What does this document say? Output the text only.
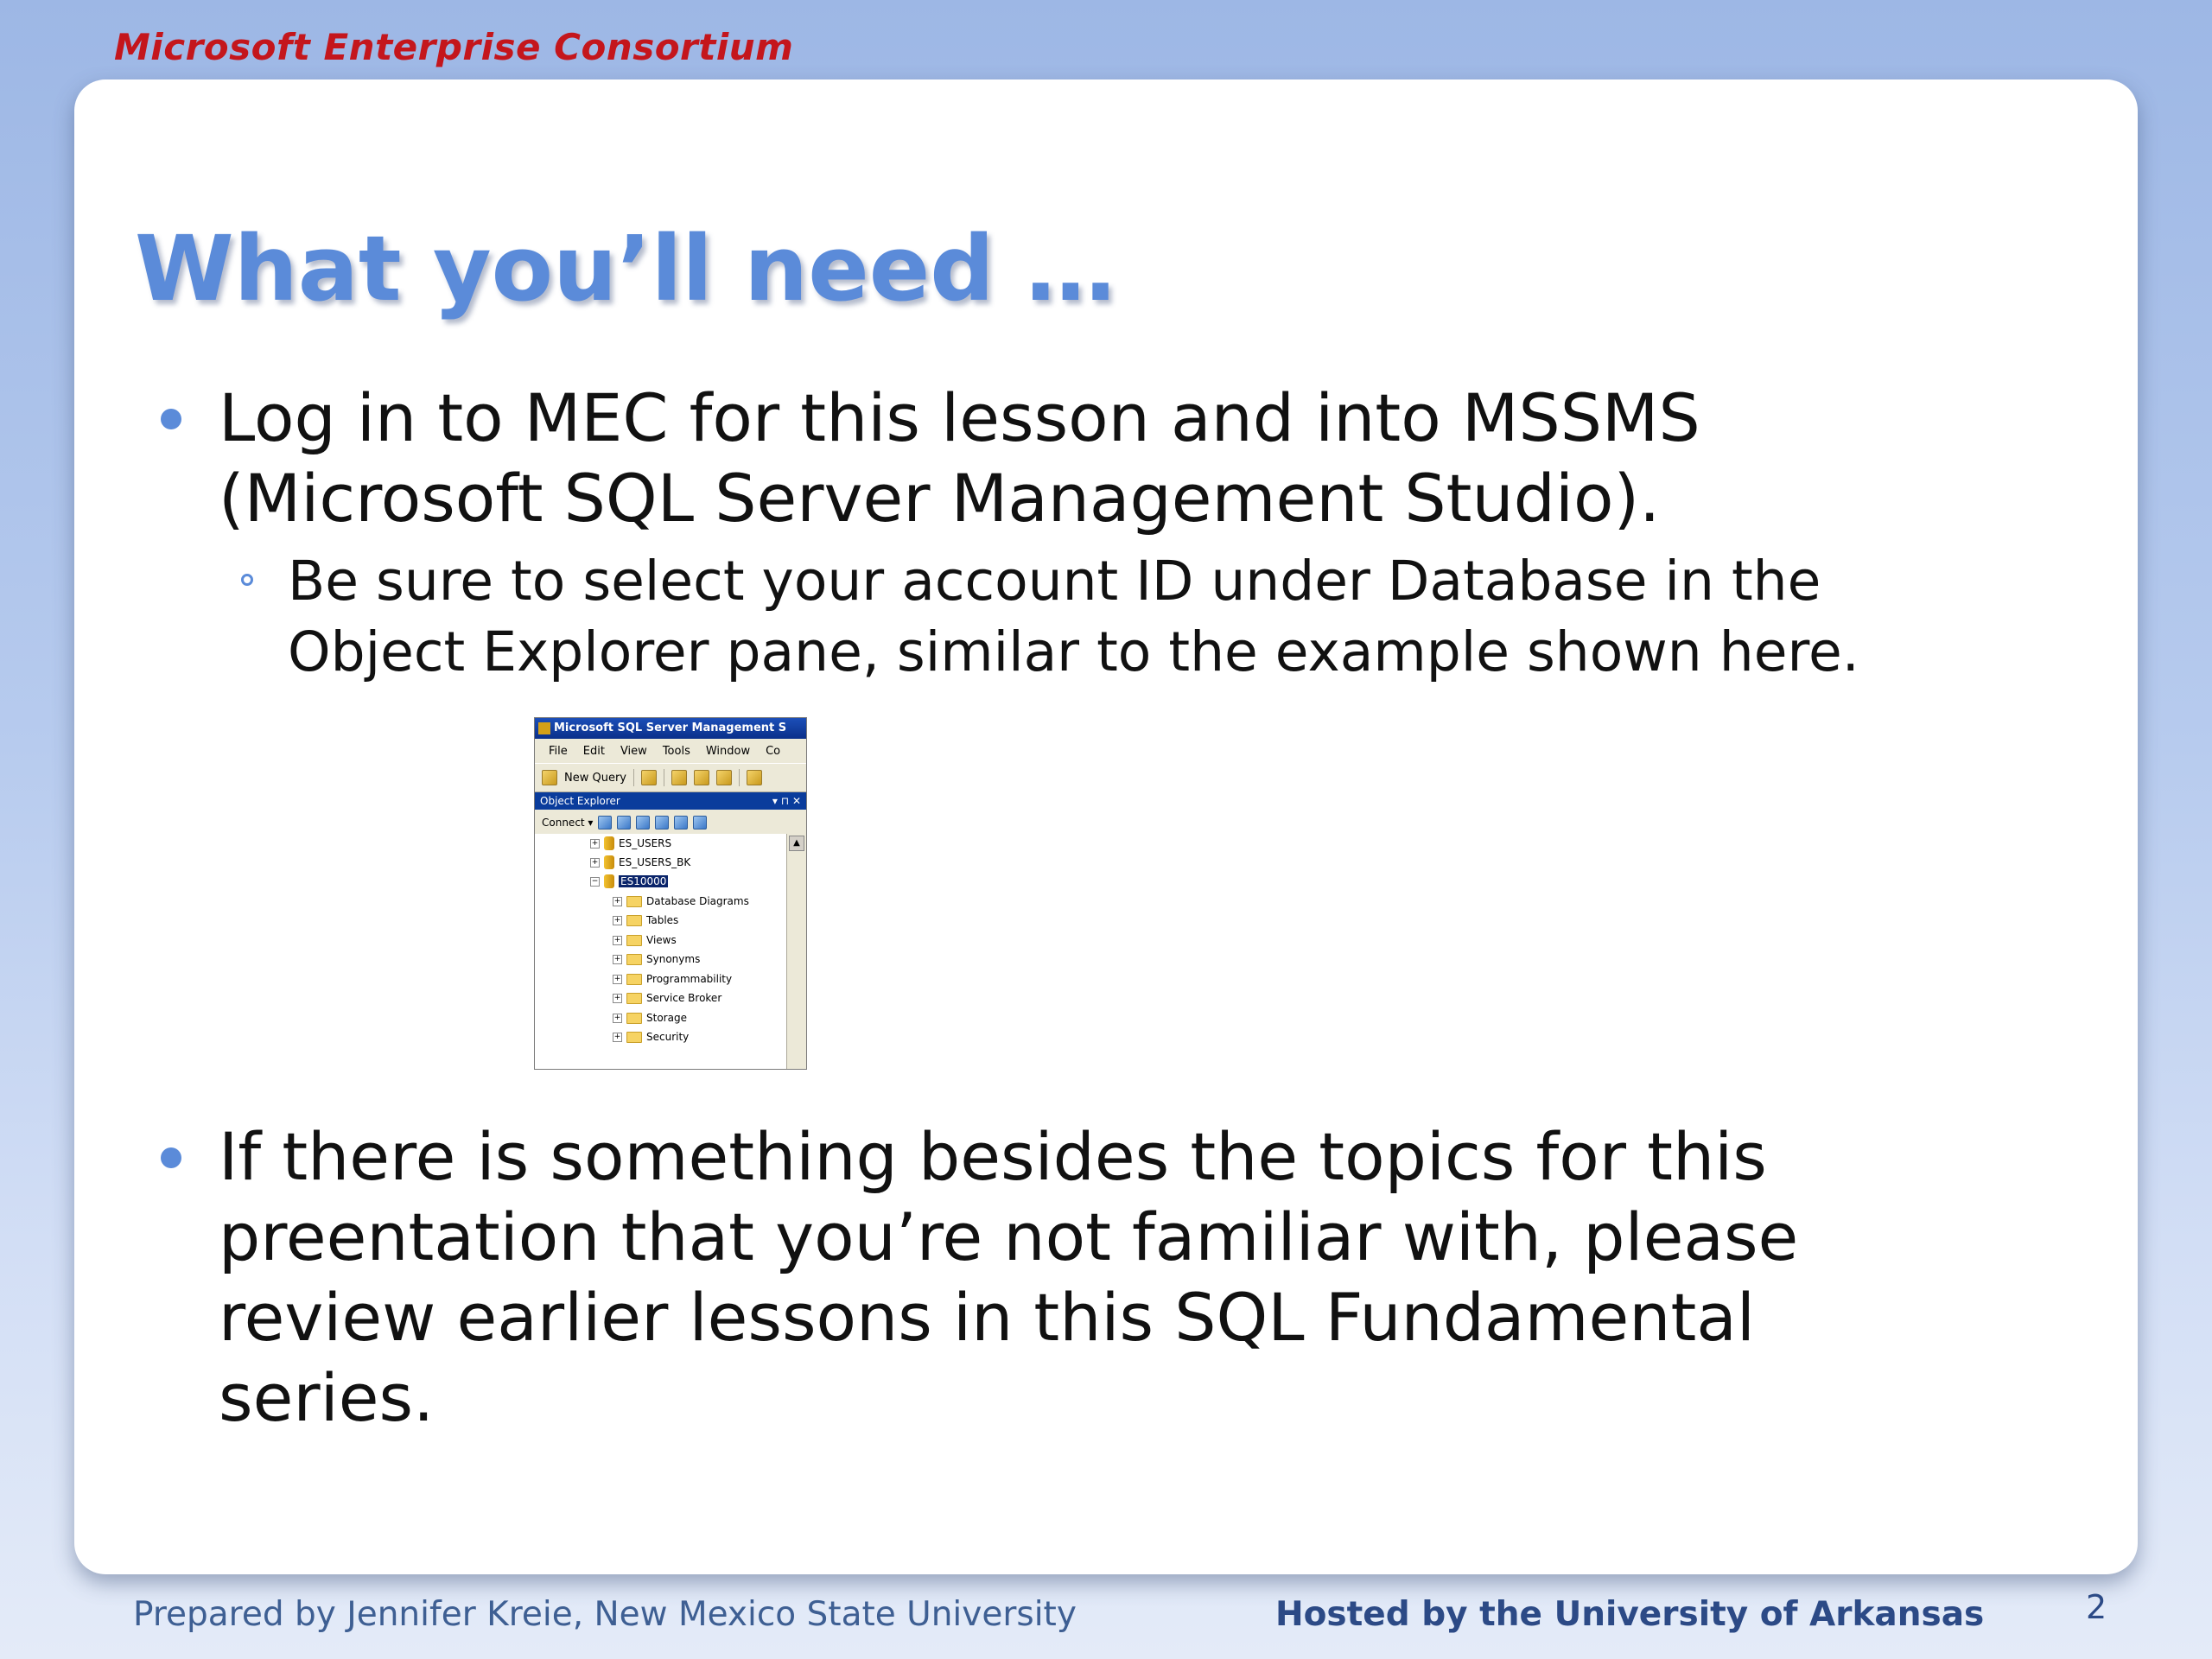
Microsoft Enterprise Consortium
What you’ll need …
Log in to MEC for this lesson and into MSSMS
(Microsoft SQL Server Management Studio).
Be sure to select your account ID under Database in the
Object Explorer pane, similar to the example shown here.
Microsoft SQL Server Management S
File Edit View Tools Window Co
New Query
Object Explorer	▾ ⊓ ✕
Connect ▾
+ ES_USERS
+ ES_USERS_BK
− ES10000
+ Database Diagrams
+ Tables
+ Views
+ Synonyms
+ Programmability
+ Service Broker
+ Storage
+ Security
▲
If there is something besides the topics for this
preentation that you’re not familiar with, please
review earlier lessons in this SQL Fundamental
series.
Prepared by Jennifer Kreie, New Mexico State University	Hosted by the University of Arkansas	2
